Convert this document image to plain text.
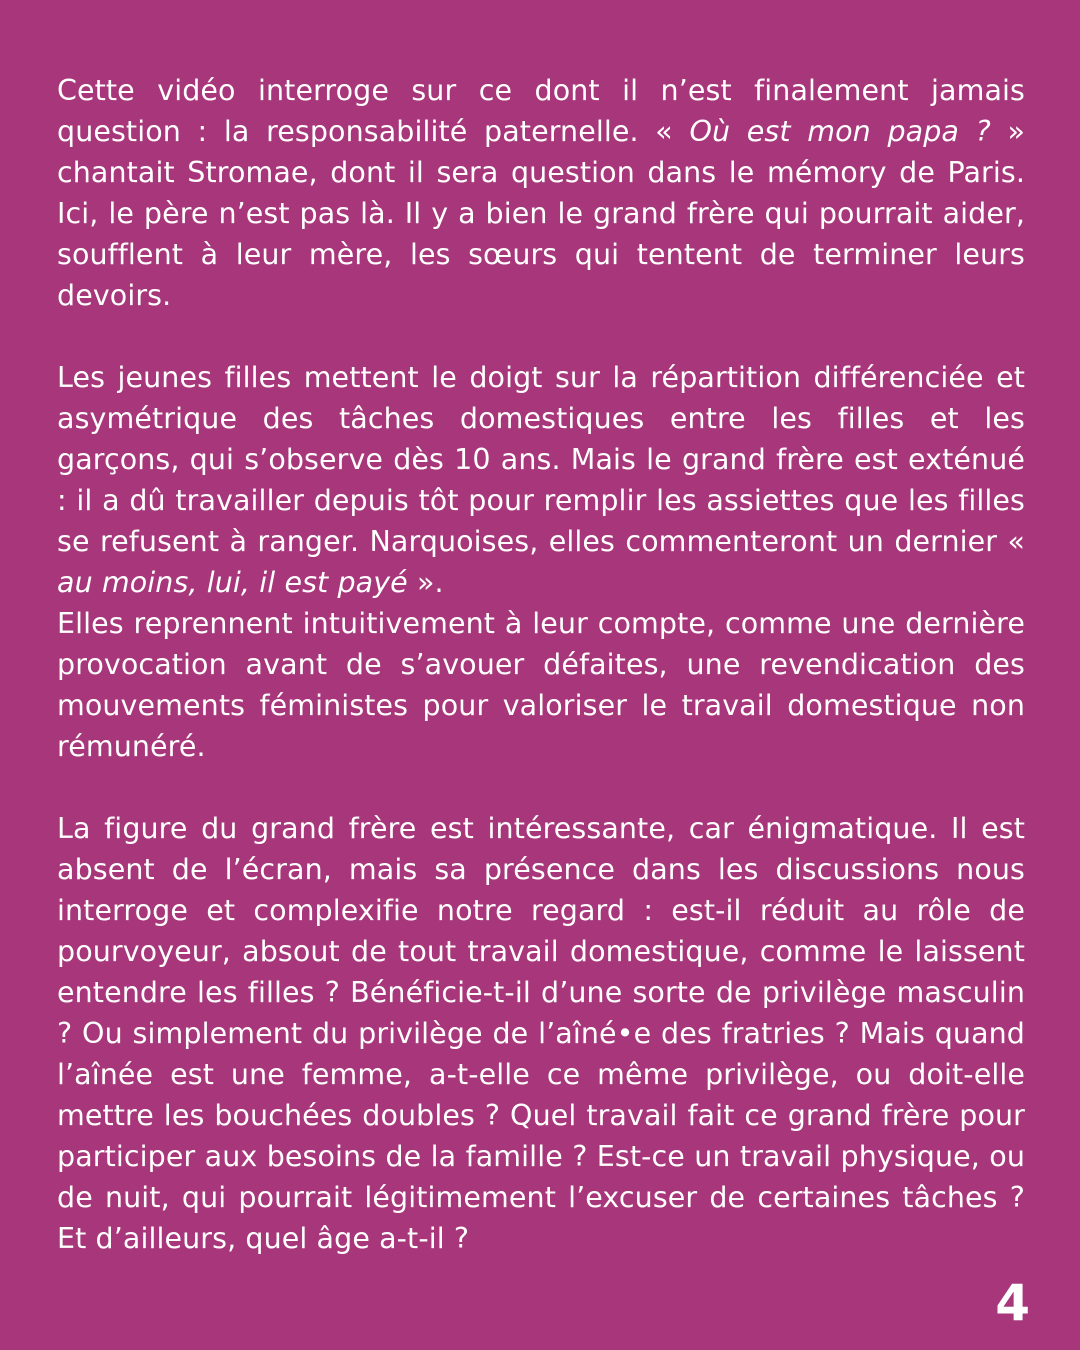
Cette vidéo interroge sur ce dont il n’est finalement jamais question : la responsabilité paternelle. « Où est mon papa ? » chantait Stromae, dont il sera question dans le mémory de Paris. Ici, le père n’est pas là. Il y a bien le grand frère qui pourrait aider, soufflent à leur mère, les sœurs qui tentent de terminer leurs devoirs.

Les jeunes filles mettent le doigt sur la répartition différenciée et asymétrique des tâches domestiques entre les filles et les garçons, qui s’observe dès 10 ans. Mais le grand frère est exténué : il a dû travailler depuis tôt pour remplir les assiettes que les filles se refusent à ranger. Narquoises, elles commenteront un dernier « au moins, lui, il est payé ».

Elles reprennent intuitivement à leur compte, comme une dernière provocation avant de s’avouer défaites, une revendication des mouvements féministes pour valoriser le travail domestique non rémunéré.

La figure du grand frère est intéressante, car énigmatique. Il est absent de l’écran, mais sa présence dans les discussions nous interroge et complexifie notre regard : est-il réduit au rôle de pourvoyeur, absout de tout travail domestique, comme le laissent entendre les filles ? Bénéficie-t-il d’une sorte de privilège masculin ? Ou simplement du privilège de l’aîné•e des fratries ? Mais quand l’aînée est une femme, a-t-elle ce même privilège, ou doit-elle mettre les bouchées doubles ? Quel travail fait ce grand frère pour participer aux besoins de la famille ? Est-ce un travail physique, ou de nuit, qui pourrait légitimement l’excuser de certaines tâches ? Et d’ailleurs, quel âge a-t-il ?

4
